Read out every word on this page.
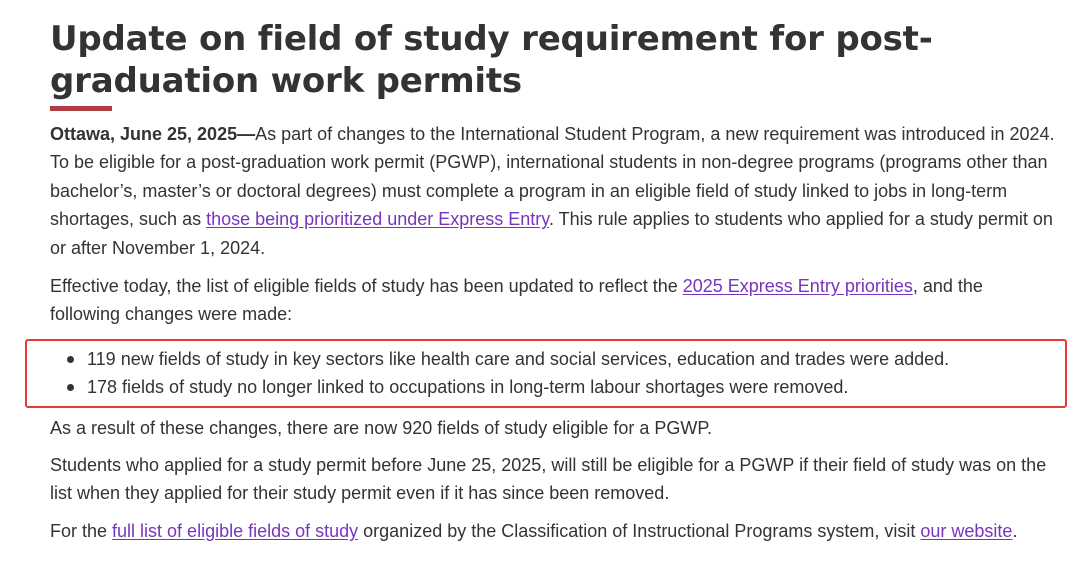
Update on field of study requirement for post-graduation work permits

Ottawa, June 25, 2025—As part of changes to the International Student Program, a new requirement was introduced in 2024. To be eligible for a post-graduation work permit (PGWP), international students in non-degree programs (programs other than bachelor’s, master’s or doctoral degrees) must complete a program in an eligible field of study linked to jobs in long-term shortages, such as those being prioritized under Express Entry. This rule applies to students who applied for a study permit on or after November 1, 2024.

Effective today, the list of eligible fields of study has been updated to reflect the 2025 Express Entry priorities, and the following changes were made:

119 new fields of study in key sectors like health care and social services, education and trades were added.
178 fields of study no longer linked to occupations in long-term labour shortages were removed.

As a result of these changes, there are now 920 fields of study eligible for a PGWP.

Students who applied for a study permit before June 25, 2025, will still be eligible for a PGWP if their field of study was on the list when they applied for their study permit even if it has since been removed.

For the full list of eligible fields of study organized by the Classification of Instructional Programs system, visit our website.
